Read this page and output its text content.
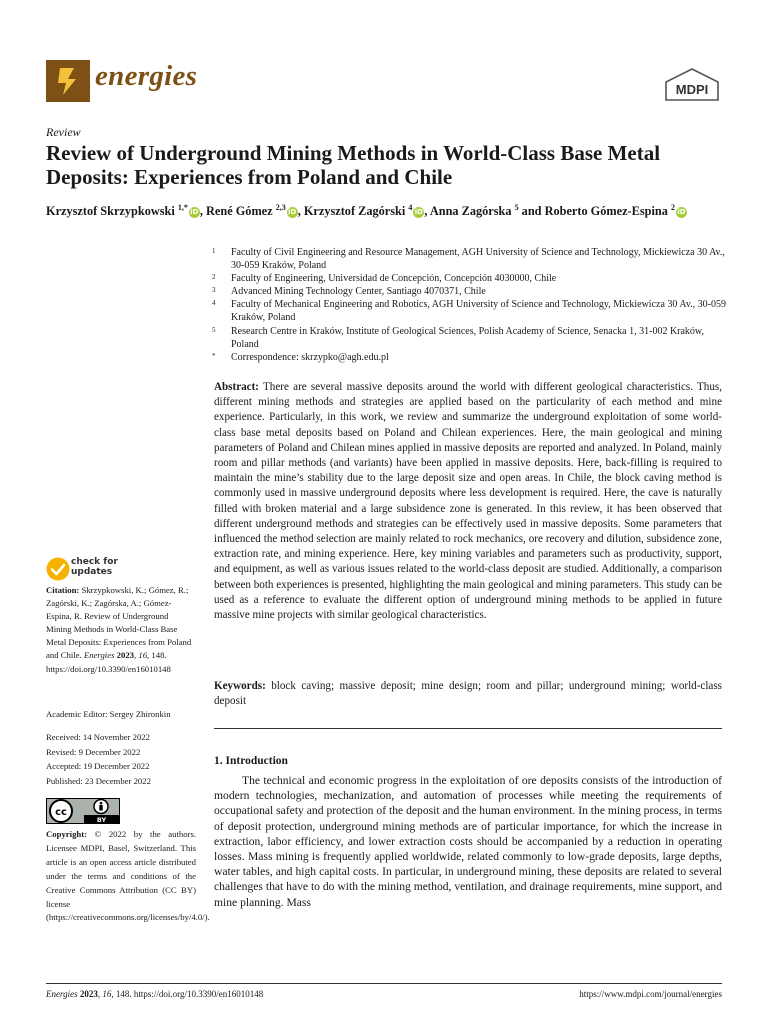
energies	MDPI
Review
Review of Underground Mining Methods in World-Class Base Metal Deposits: Experiences from Poland and Chile
Krzysztof Skrzypkowski $^{1,*}$iD, René Gómez $^{2,3}$iD, Krzysztof Zagórski $^4$iD, Anna Zagórska $^5$ and Roberto Gómez-Espina $^2$iD
1	Faculty of Civil Engineering and Resource Management, AGH University of Science and Technology, Mickiewicza 30 Av., 30-059 Kraków, Poland
2	Faculty of Engineering, Universidad de Concepción, Concepción 4030000, Chile
3	Advanced Mining Technology Center, Santiago 4070371, Chile
4	Faculty of Mechanical Engineering and Robotics, AGH University of Science and Technology, Mickiewicza 30 Av., 30-059 Kraków, Poland
5	Research Centre in Kraków, Institute of Geological Sciences, Polish Academy of Science, Senacka 1, 31-002 Kraków, Poland
*	Correspondence: skrzypko@agh.edu.pl
Abstract: There are several massive deposits around the world with different geological characteristics. Thus, different mining methods and strategies are applied based on the particularity of each method and mine experience. Particularly, in this work, we review and summarize the underground exploitation of some world-class base metal deposits based on Poland and Chilean experiences. Here, the main geological and mining parameters of Poland and Chilean mines applied in massive deposits are reported and analyzed. In Poland, mainly room and pillar methods (and variants) have been applied in massive deposits. Here, back-filling is required to maintain the mine’s stability due to the large deposit size and open areas. In Chile, the block caving method is commonly used in massive underground deposits where less development is required. Here, the cave is naturally filled with broken material and a large subsidence zone is generated. In this review, it has been observed that different underground methods and strategies can be effectively used in massive deposits. Some parameters that influenced the method selection are mainly related to rock mechanics, ore recovery and dilution, subsidence zone, extraction rate, and mining experience. Here, key mining variables and parameters such as productivity, support, and equipment, as well as various issues related to the world-class deposit are studied. Additionally, a comparison between both experiences is presented, highlighting the main geological and mining parameters. This study can be used as a reference to evaluate the different option of underground mining methods to be applied in future massive mine projects with similar geological characteristics.
Keywords: block caving; massive deposit; mine design; room and pillar; underground mining; world-class deposit
check for
updates
Citation: Skrzypkowski, K.; Gómez, R.; Zagórski, K.; Zagórska, A.; Gómez-Espina, R. Review of Underground Mining Methods in World-Class Base Metal Deposits: Experiences from Poland and Chile. Energies 2023, 16, 148. https://doi.org/10.3390/en16010148
Academic Editor: Sergey Zhironkin
Received: 14 November 2022
Revised: 9 December 2022
Accepted: 19 December 2022
Published: 23 December 2022
cc
BY
Copyright: © 2022 by the authors. Licensee MDPI, Basel, Switzerland. This article is an open access article distributed under the terms and conditions of the Creative Commons Attribution (CC BY) license (https://creativecommons.org/licenses/by/4.0/).
1. Introduction
The technical and economic progress in the exploitation of ore deposits consists of the introduction of modern technologies, mechanization, and automation of processes while meeting the requirements of occupational safety and protection of the deposit and the human environment. In the mining process, in terms of deposit protection, underground mining methods are of particular importance, for which the increase in extraction, labor efficiency, and lower extraction costs should be accompanied by a reduction in operating losses. Mass mining is frequently applied worldwide, related commonly to low-grade deposits, large depths, water tables, and high capital costs. In particular, in underground mining, these deposits are related to several challenges that have to do with the mining method, ventilation, and drainage requirements, mine support, and mine planning. Mass
Energies 2023, 16, 148. https://doi.org/10.3390/en16010148	https://www.mdpi.com/journal/energies
